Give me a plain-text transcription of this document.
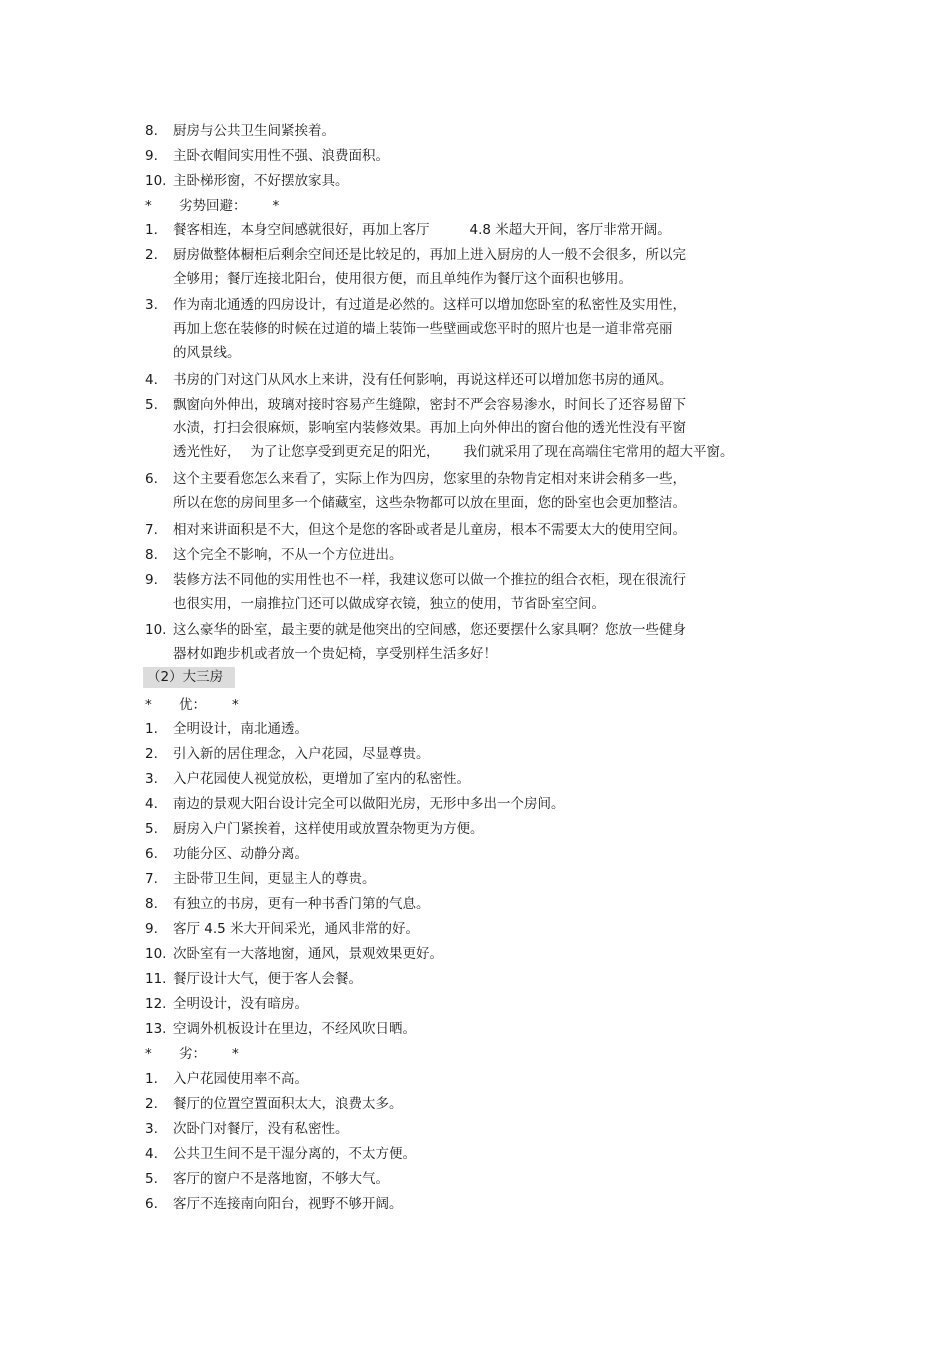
8. 厨房与公共卫生间紧挨着。
9. 主卧衣帽间实用性不强、浪费面积。
10. 主卧梯形窗，不好摆放家具。
* 劣势回避： *
1. 餐客相连，本身空间感就很好，再加上客厅	4.8 米超大开间，客厅非常开阔。
2. 厨房做整体橱柜后剩余空间还是比较足的，再加上进入厨房的人一般不会很多，所以完
全够用；餐厅连接北阳台，使用很方便，而且单纯作为餐厅这个面积也够用。
3. 作为南北通透的四房设计，有过道是必然的。这样可以增加您卧室的私密性及实用性，
再加上您在装修的时候在过道的墙上装饰一些壁画或您平时的照片也是一道非常亮丽
的风景线。
4. 书房的门对这门从风水上来讲，没有任何影响，再说这样还可以增加您书房的通风。
5. 飘窗向外伸出，玻璃对接时容易产生缝隙，密封不严会容易渗水，时间长了还容易留下
水渍，打扫会很麻烦，影响室内装修效果。再加上向外伸出的窗台他的透光性没有平窗
透光性好， 为了让您享受到更充足的阳光， 我们就采用了现在高端住宅常用的超大平窗。
6. 这个主要看您怎么来看了，实际上作为四房，您家里的杂物肯定相对来讲会稍多一些，
所以在您的房间里多一个储藏室，这些杂物都可以放在里面，您的卧室也会更加整洁。
7. 相对来讲面积是不大，但这个是您的客卧或者是儿童房，根本不需要太大的使用空间。
8. 这个完全不影响，不从一个方位进出。
9. 装修方法不同他的实用性也不一样，我建议您可以做一个推拉的组合衣柜，现在很流行
也很实用，一扇推拉门还可以做成穿衣镜，独立的使用，节省卧室空间。
10. 这么豪华的卧室，最主要的就是他突出的空间感，您还要摆什么家具啊？您放一些健身
器材如跑步机或者放一个贵妃椅，享受别样生活多好！
（2）大三房
* 优： *
1. 全明设计，南北通透。
2. 引入新的居住理念，入户花园，尽显尊贵。
3. 入户花园使人视觉放松，更增加了室内的私密性。
4. 南边的景观大阳台设计完全可以做阳光房，无形中多出一个房间。
5. 厨房入户门紧挨着，这样使用或放置杂物更为方便。
6. 功能分区、动静分离。
7. 主卧带卫生间，更显主人的尊贵。
8. 有独立的书房，更有一种书香门第的气息。
9. 客厅 4.5 米大开间采光，通风非常的好。
10. 次卧室有一大落地窗，通风，景观效果更好。
11. 餐厅设计大气，便于客人会餐。
12. 全明设计，没有暗房。
13. 空调外机板设计在里边，不经风吹日晒。
* 劣： *
1. 入户花园使用率不高。
2. 餐厅的位置空置面积太大，浪费太多。
3. 次卧门对餐厅，没有私密性。
4. 公共卫生间不是干湿分离的，不太方便。
5. 客厅的窗户不是落地窗，不够大气。
6. 客厅不连接南向阳台，视野不够开阔。
